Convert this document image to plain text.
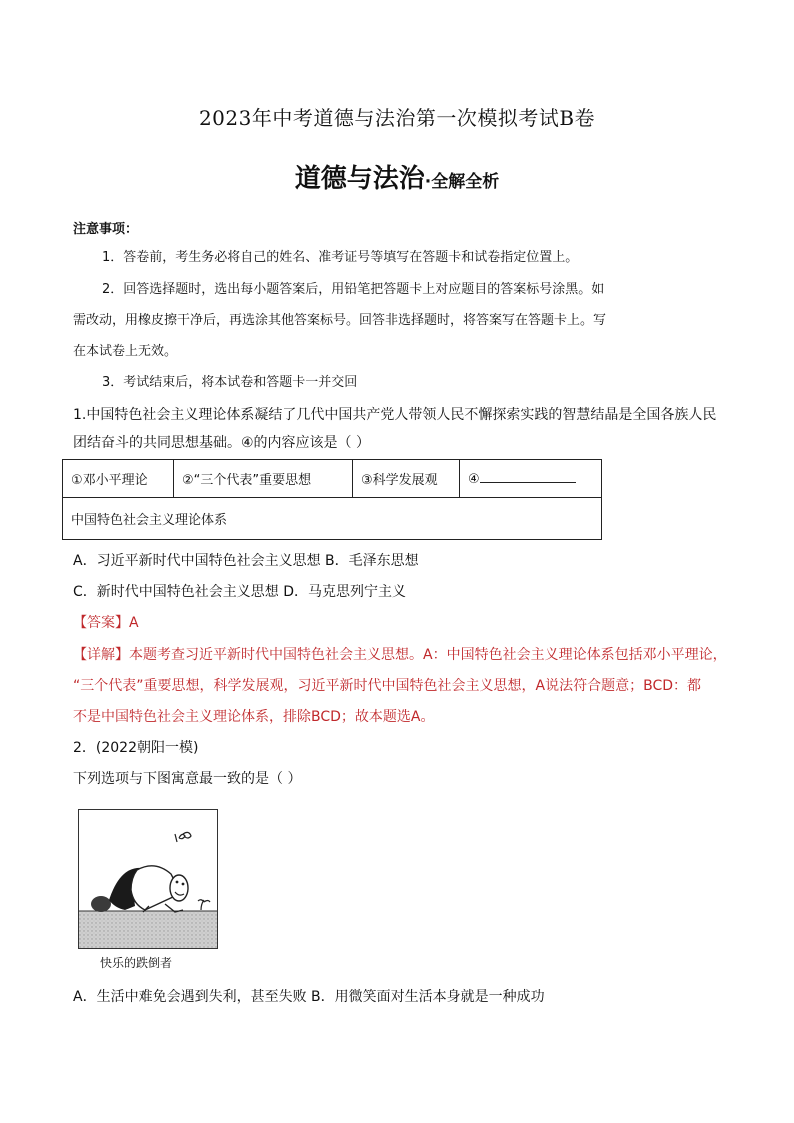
2023年中考道德与法治第一次模拟考试B卷
道德与法治·全解全析
注意事项：
1．答卷前，考生务必将自己的姓名、准考证号等填写在答题卡和试卷指定位置上。
2．回答选择题时，选出每小题答案后，用铅笔把答题卡上对应题目的答案标号涂黑。如
需改动，用橡皮擦干净后，再选涂其他答案标号。回答非选择题时，将答案写在答题卡上。写
在本试卷上无效。
3．考试结束后，将本试卷和答题卡一并交回
1.中国特色社会主义理论体系凝结了几代中国共产党人带领人民不懈探索实践的智慧结晶是全国各族人民
团结奋斗的共同思想基础。④的内容应该是（ ）
①邓小平理论	②“三个代表”重要思想	③科学发展观	④
中国特色社会主义理论体系
A．习近平新时代中国特色社会主义思想 B．毛泽东思想
C．新时代中国特色社会主义思想 D．马克思列宁主义
【答案】A
【详解】本题考查习近平新时代中国特色社会主义思想。A：中国特色社会主义理论体系包括邓小平理论，
“三个代表”重要思想，科学发展观，习近平新时代中国特色社会主义思想，A说法符合题意；BCD：都
不是中国特色社会主义理论体系，排除BCD；故本题选A。
2．(2022朝阳一模)
下列选项与下图寓意最一致的是（ ）
快乐的跌倒者
A．生活中难免会遇到失利，甚至失败 B．用微笑面对生活本身就是一种成功
